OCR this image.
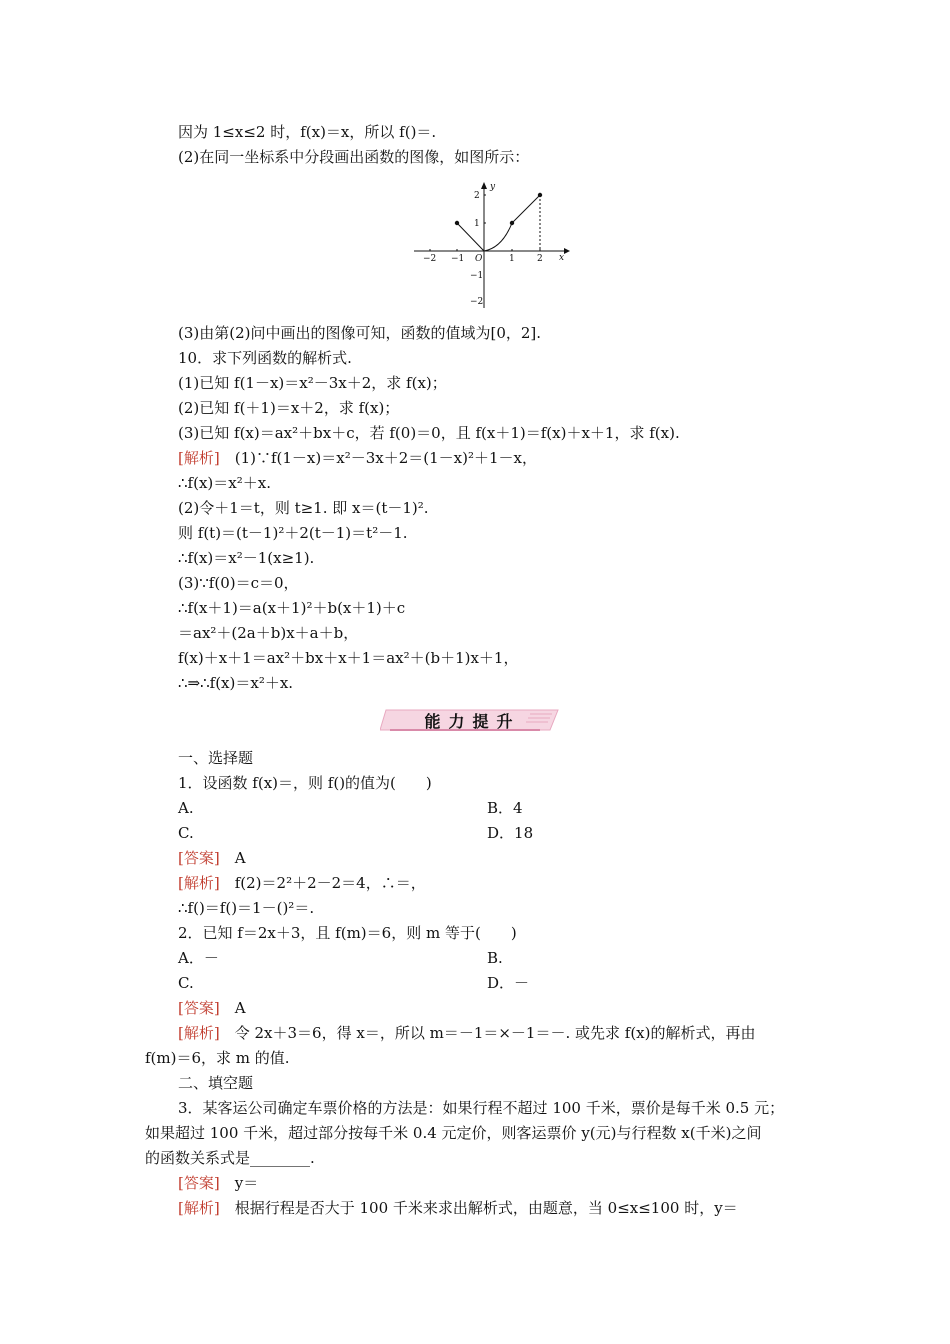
因为 1≤x≤2 时，f(x)＝x，所以 f()＝.
(2)在同一坐标系中分段画出函数的图像，如图所示：
y
x
O
−2 −1	1 2
2
1
−1
−2
(3)由第(2)问中画出的图像可知，函数的值域为[0，2].
10．求下列函数的解析式.
(1)已知 f(1－x)＝x²－3x＋2，求 f(x)；
(2)已知 f(＋1)＝x＋2，求 f(x)；
(3)已知 f(x)＝ax²＋bx＋c，若 f(0)＝0，且 f(x＋1)＝f(x)＋x＋1，求 f(x).
[解析]　 (1)∵f(1－x)＝x²－3x＋2＝(1－x)²＋1－x，
∴f(x)＝x²＋x.
(2)令＋1＝t，则 t≥1. 即 x＝(t－1)².
则 f(t)＝(t－1)²＋2(t－1)＝t²－1.
∴f(x)＝x²－1(x≥1).
(3)∵f(0)＝c＝0，
∴f(x＋1)＝a(x＋1)²＋b(x＋1)＋c
＝ax²＋(2a＋b)x＋a＋b，
f(x)＋x＋1＝ax²＋bx＋x＋1＝ax²＋(b＋1)x＋1，
∴⇒∴f(x)＝x²＋x.
能力提升
一、选择题
1．设函数 f(x)＝，则 f()的值为(　　)
A.	B．4
C.	D．18
[答案]　 A
[解析]　 f(2)＝2²＋2－2＝4，∴＝，
∴f()＝f()＝1－()²＝.
2．已知 f＝2x＋3，且 f(m)＝6，则 m 等于(　　)
A．－	B.
C.	D．－
[答案]　 A
[解析]　 令 2x＋3＝6，得 x＝，所以 m＝－1＝×－1＝－. 或先求 f(x)的解析式，再由
f(m)＝6，求 m 的值.
二、填空题
3．某客运公司确定车票价格的方法是：如果行程不超过 100 千米，票价是每千米 0.5 元；
如果超过 100 千米，超过部分按每千米 0.4 元定价，则客运票价 y(元)与行程数 x(千米)之间
的函数关系式是________.
[答案]　 y＝
[解析]　 根据行程是否大于 100 千米来求出解析式，由题意，当 0≤x≤100 时，y＝
